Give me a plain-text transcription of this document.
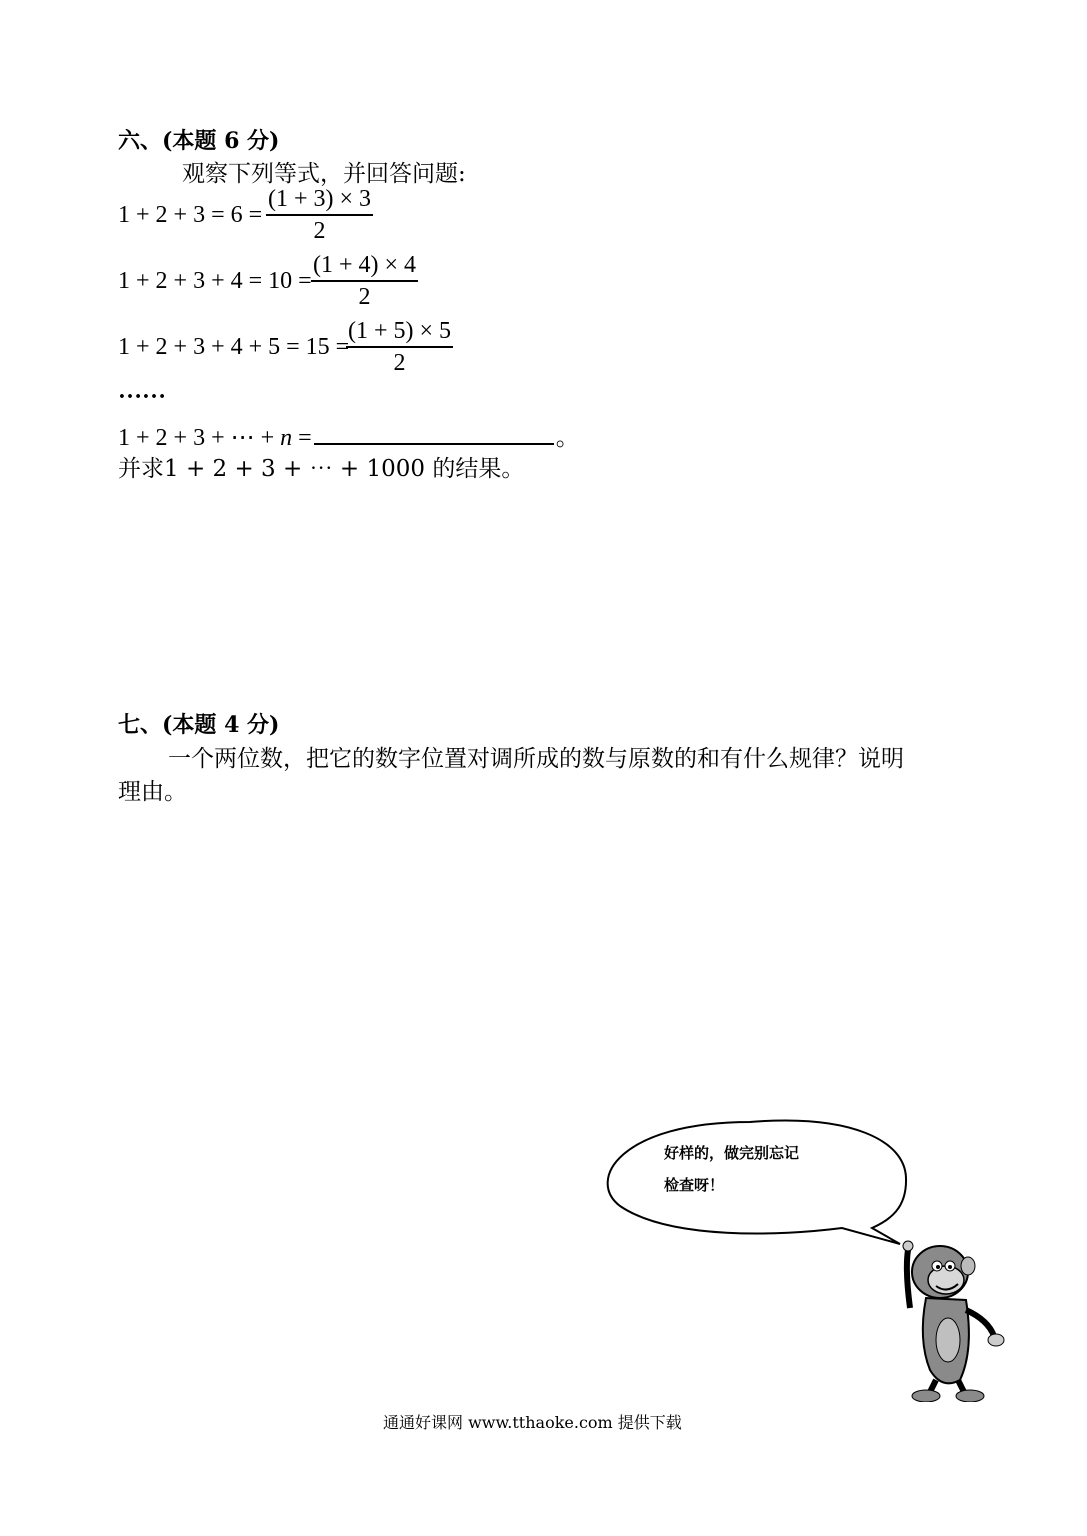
六、(本题 6 分)
观察下列等式，并回答问题:
$1 + 2 + 3 = 6 = \frac{(1 + 3) \times 3}{2}$
$1 + 2 + 3 + 4 = 10 = \frac{(1 + 4) \times 4}{2}$
1 + 2 + 3 + 4 + 5 = 15 =
$\frac{(1 + 5) \times 5}{2}$
……
1 + 2 + 3 + ⋯ + n =	。
并求1 + 2 + 3 + ⋯ + 1000 的结果。
七、(本题 4 分)
一个两位数，把它的数字位置对调所成的数与原数的和有什么规律？说明
理由。
好样的，做完别忘记
检查呀！
通通好课网 www.tthaoke.com 提供下载
